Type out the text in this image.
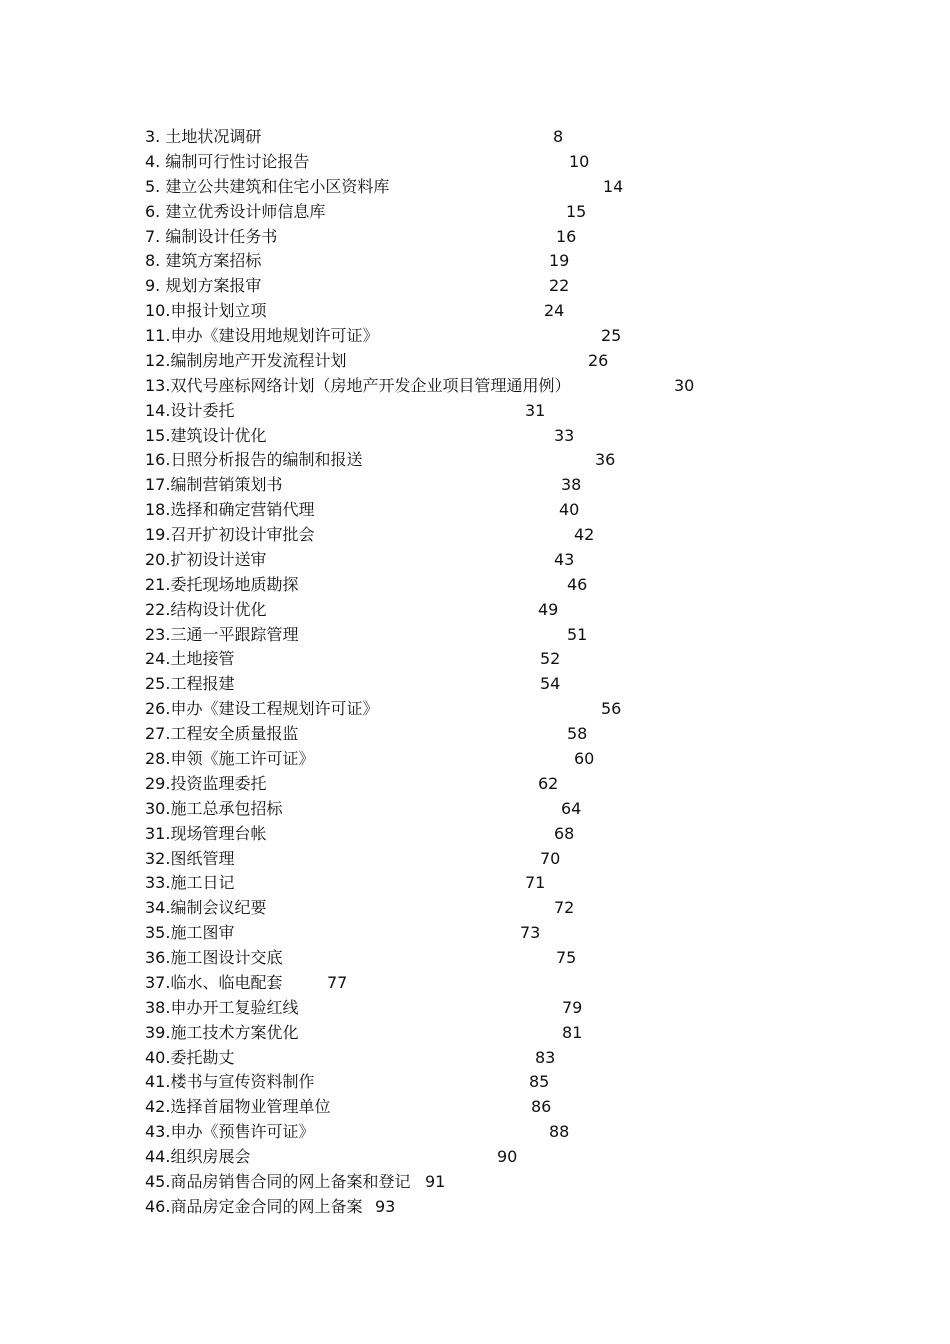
3. 土地状况调研	8
4. 编制可行性讨论报告	10
5. 建立公共建筑和住宅小区资料库	14
6. 建立优秀设计师信息库	15
7. 编制设计任务书	16
8. 建筑方案招标	19
9. 规划方案报审	22
10.申报计划立项	24
11.申办《建设用地规划许可证》	25
12.编制房地产开发流程计划	26
13.双代号座标网络计划（房地产开发企业项目管理通用例）	30
14.设计委托	31
15.建筑设计优化	33
16.日照分析报告的编制和报送	36
17.编制营销策划书	38
18.选择和确定营销代理	40
19.召开扩初设计审批会	42
20.扩初设计送审	43
21.委托现场地质勘探	46
22.结构设计优化	49
23.三通一平跟踪管理	51
24.土地接管	52
25.工程报建	54
26.申办《建设工程规划许可证》	56
27.工程安全质量报监	58
28.申领《施工许可证》	60
29.投资监理委托	62
30.施工总承包招标	64
31.现场管理台帐	68
32.图纸管理	70
33.施工日记	71
34.编制会议纪要	72
35.施工图审	73
36.施工图设计交底	75
37.临水、临电配套	77
38.申办开工复验红线	79
39.施工技术方案优化	81
40.委托勘丈	83
41.楼书与宣传资料制作	85
42.选择首届物业管理单位	86
43.申办《预售许可证》	88
44.组织房展会	90
45.商品房销售合同的网上备案和登记 91
46.商品房定金合同的网上备案 93
